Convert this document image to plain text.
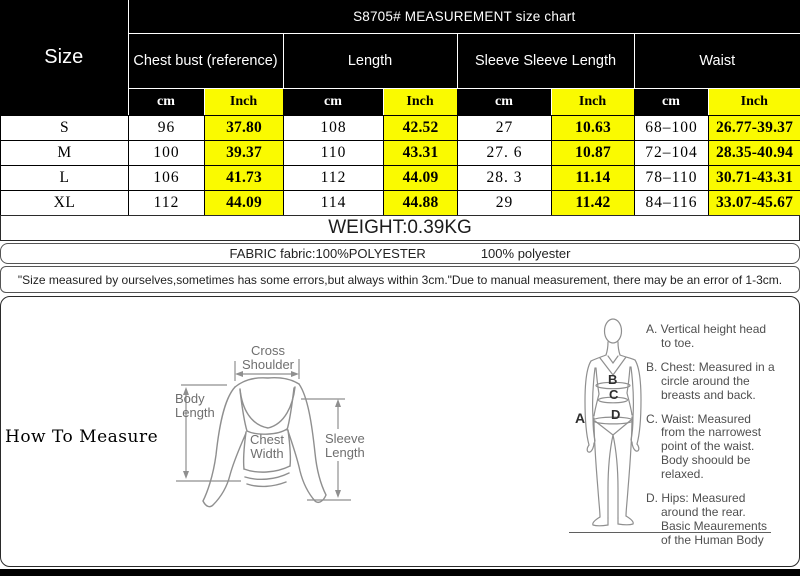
Size	S8705# MEASUREMENT size chart							
	Chest bust (reference)		Length		Sleeve Sleeve Length		Waist	
	cm	Inch	cm	Inch	cm	Inch	cm	Inch
S	96	37.80	108	42.52	27	10.63	68–100	26.77-39.37
M	100	39.37	110	43.31	27. 6	10.87	72–104	28.35-40.94
L	106	41.73	112	44.09	28. 3	11.14	78–110	30.71-43.31
XL	112	44.09	114	44.88	29	11.42	84–116	33.07-45.67
WEIGHT:0.39KG
FABRIC fabric:100%POLYESTER	100% polyester
"Size measured by ourselves,sometimes has some errors,but always within 3cm."Due to manual measurement, there may be an error of 1-3cm.
How To Measure
Cross
Shoulder
Body
Length
Chest
Width
Sleeve
Length
A
B
C
D
A. Vertical height head
to toe.
B. Chest: Measured in a
circle around the
breasts and back.
C. Waist: Measured
from the narrowest
point of the waist.
Body shoould be
relaxed.
D. Hips: Measured
around the rear.
Basic Meaurements
of the Human Body
